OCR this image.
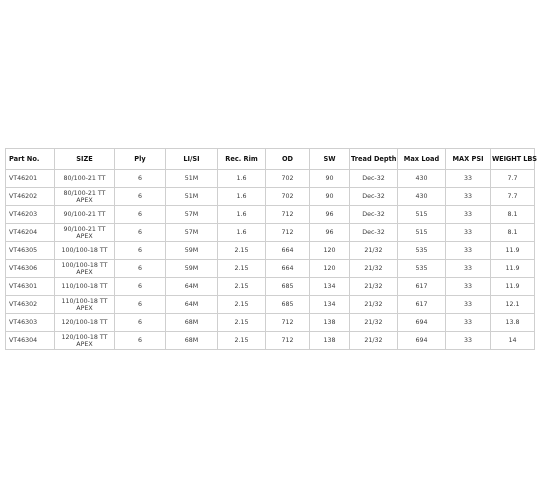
Part No.	SIZE	Ply	LI/SI	Rec. Rim	OD	SW	Tread Depth	Max Load	MAX PSI	WEIGHT LBS
VT46201	80/100-21 TT	6	51M	1.6	702	90	Dec-32	430	33	7.7
VT46202	80/100-21 TT APEX	6	51M	1.6	702	90	Dec-32	430	33	7.7
VT46203	90/100-21 TT	6	57M	1.6	712	96	Dec-32	515	33	8.1
VT46204	90/100-21 TT APEX	6	57M	1.6	712	96	Dec-32	515	33	8.1
VT46305	100/100-18 TT	6	59M	2.15	664	120	21/32	535	33	11.9
VT46306	100/100-18 TT APEX	6	59M	2.15	664	120	21/32	535	33	11.9
VT46301	110/100-18 TT	6	64M	2.15	685	134	21/32	617	33	11.9
VT46302	110/100-18 TT APEX	6	64M	2.15	685	134	21/32	617	33	12.1
VT46303	120/100-18 TT	6	68M	2.15	712	138	21/32	694	33	13.8
VT46304	120/100-18 TT APEX	6	68M	2.15	712	138	21/32	694	33	14
